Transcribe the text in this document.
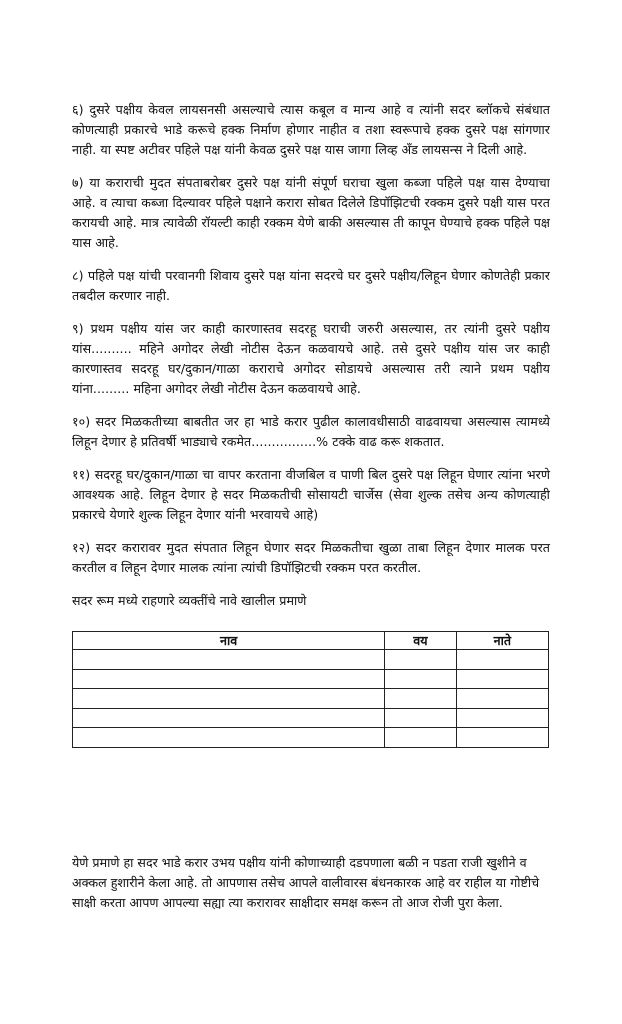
६) दुसरे पक्षीय केवल लायसनसी असल्याचे त्यास कबूल व मान्य आहे व त्यांनी सदर ब्लॉकचे संबंधात कोणत्याही प्रकारचे भाडे करूचे हक्क निर्माण होणार नाहीत व तशा स्वरूपाचे हक्क दुसरे पक्ष सांगणार नाही. या स्पष्ट अटीवर पहिले पक्ष यांनी केवळ दुसरे पक्ष यास जागा लिव्ह अँड लायसन्स ने दिली आहे.

७) या कराराची मुदत संपताबरोबर दुसरे पक्ष यांनी संपूर्ण घराचा खुला कब्जा पहिले पक्ष यास देण्याचा आहे. व त्याचा कब्जा दिल्यावर पहिले पक्षाने करारा सोबत दिलेले डिपॉझिटची रक्कम दुसरे पक्षी यास परत करायची आहे. मात्र त्यावेळी रॉयल्टी काही रक्कम येणे बाकी असल्यास ती कापून घेण्याचे हक्क पहिले पक्ष यास आहे.

८) पहिले पक्ष यांची परवानगी शिवाय दुसरे पक्ष यांना सदरचे घर दुसरे पक्षीय/लिहून घेणार कोणतेही प्रकार तबदील करणार नाही.

९) प्रथम पक्षीय यांस जर काही कारणास्तव सदरहू घराची जरुरी असल्यास, तर त्यांनी दुसरे पक्षीय यांस.......... महिने अगोदर लेखी नोटीस देऊन कळवायचे आहे. तसे दुसरे पक्षीय यांस जर काही कारणास्तव सदरहू घर/दुकान/गाळा कराराचे अगोदर सोडायचे असल्यास तरी त्याने प्रथम पक्षीय यांना......... महिना अगोदर लेखी नोटीस देऊन कळवायचे आहे.

१०) सदर मिळकतीच्या बाबतीत जर हा भाडे करार पुढील कालावधीसाठी वाढवायचा असल्यास त्यामध्ये लिहून देणार हे प्रतिवर्षी भाड्याचे रकमेत................% टक्के वाढ करू शकतात.

११) सदरहू घर/दुकान/गाळा चा वापर करताना वीजबिल व पाणी बिल दुसरे पक्ष लिहून घेणार त्यांना भरणे आवश्यक आहे. लिहून देणार हे सदर मिळकतीची सोसायटी चार्जेस (सेवा शुल्क तसेच अन्य कोणत्याही प्रकारचे येणारे शुल्क लिहून देणार यांनी भरवायचे आहे)

१२) सदर करारावर मुदत संपतात लिहून घेणार सदर मिळकतीचा खुळा ताबा लिहून देणार मालक परत करतील व लिहून देणार मालक त्यांना त्यांची डिपॉझिटची रक्कम परत करतील.

सदर रूम मध्ये राहणारे व्यक्तींचे नावे खालील प्रमाणे

नाव	वय	नाते

येणे प्रमाणे हा सदर भाडे करार उभय पक्षीय यांनी कोणाच्याही दडपणाला बळी न पडता राजी खुशीने व अक्कल हुशारीने केला आहे. तो आपणास तसेच आपले वालीवारस बंधनकारक आहे वर राहील या गोष्टीचे साक्षी करता आपण आपल्या सह्या त्या करारावर साक्षीदार समक्ष करून तो आज रोजी पुरा केला.
